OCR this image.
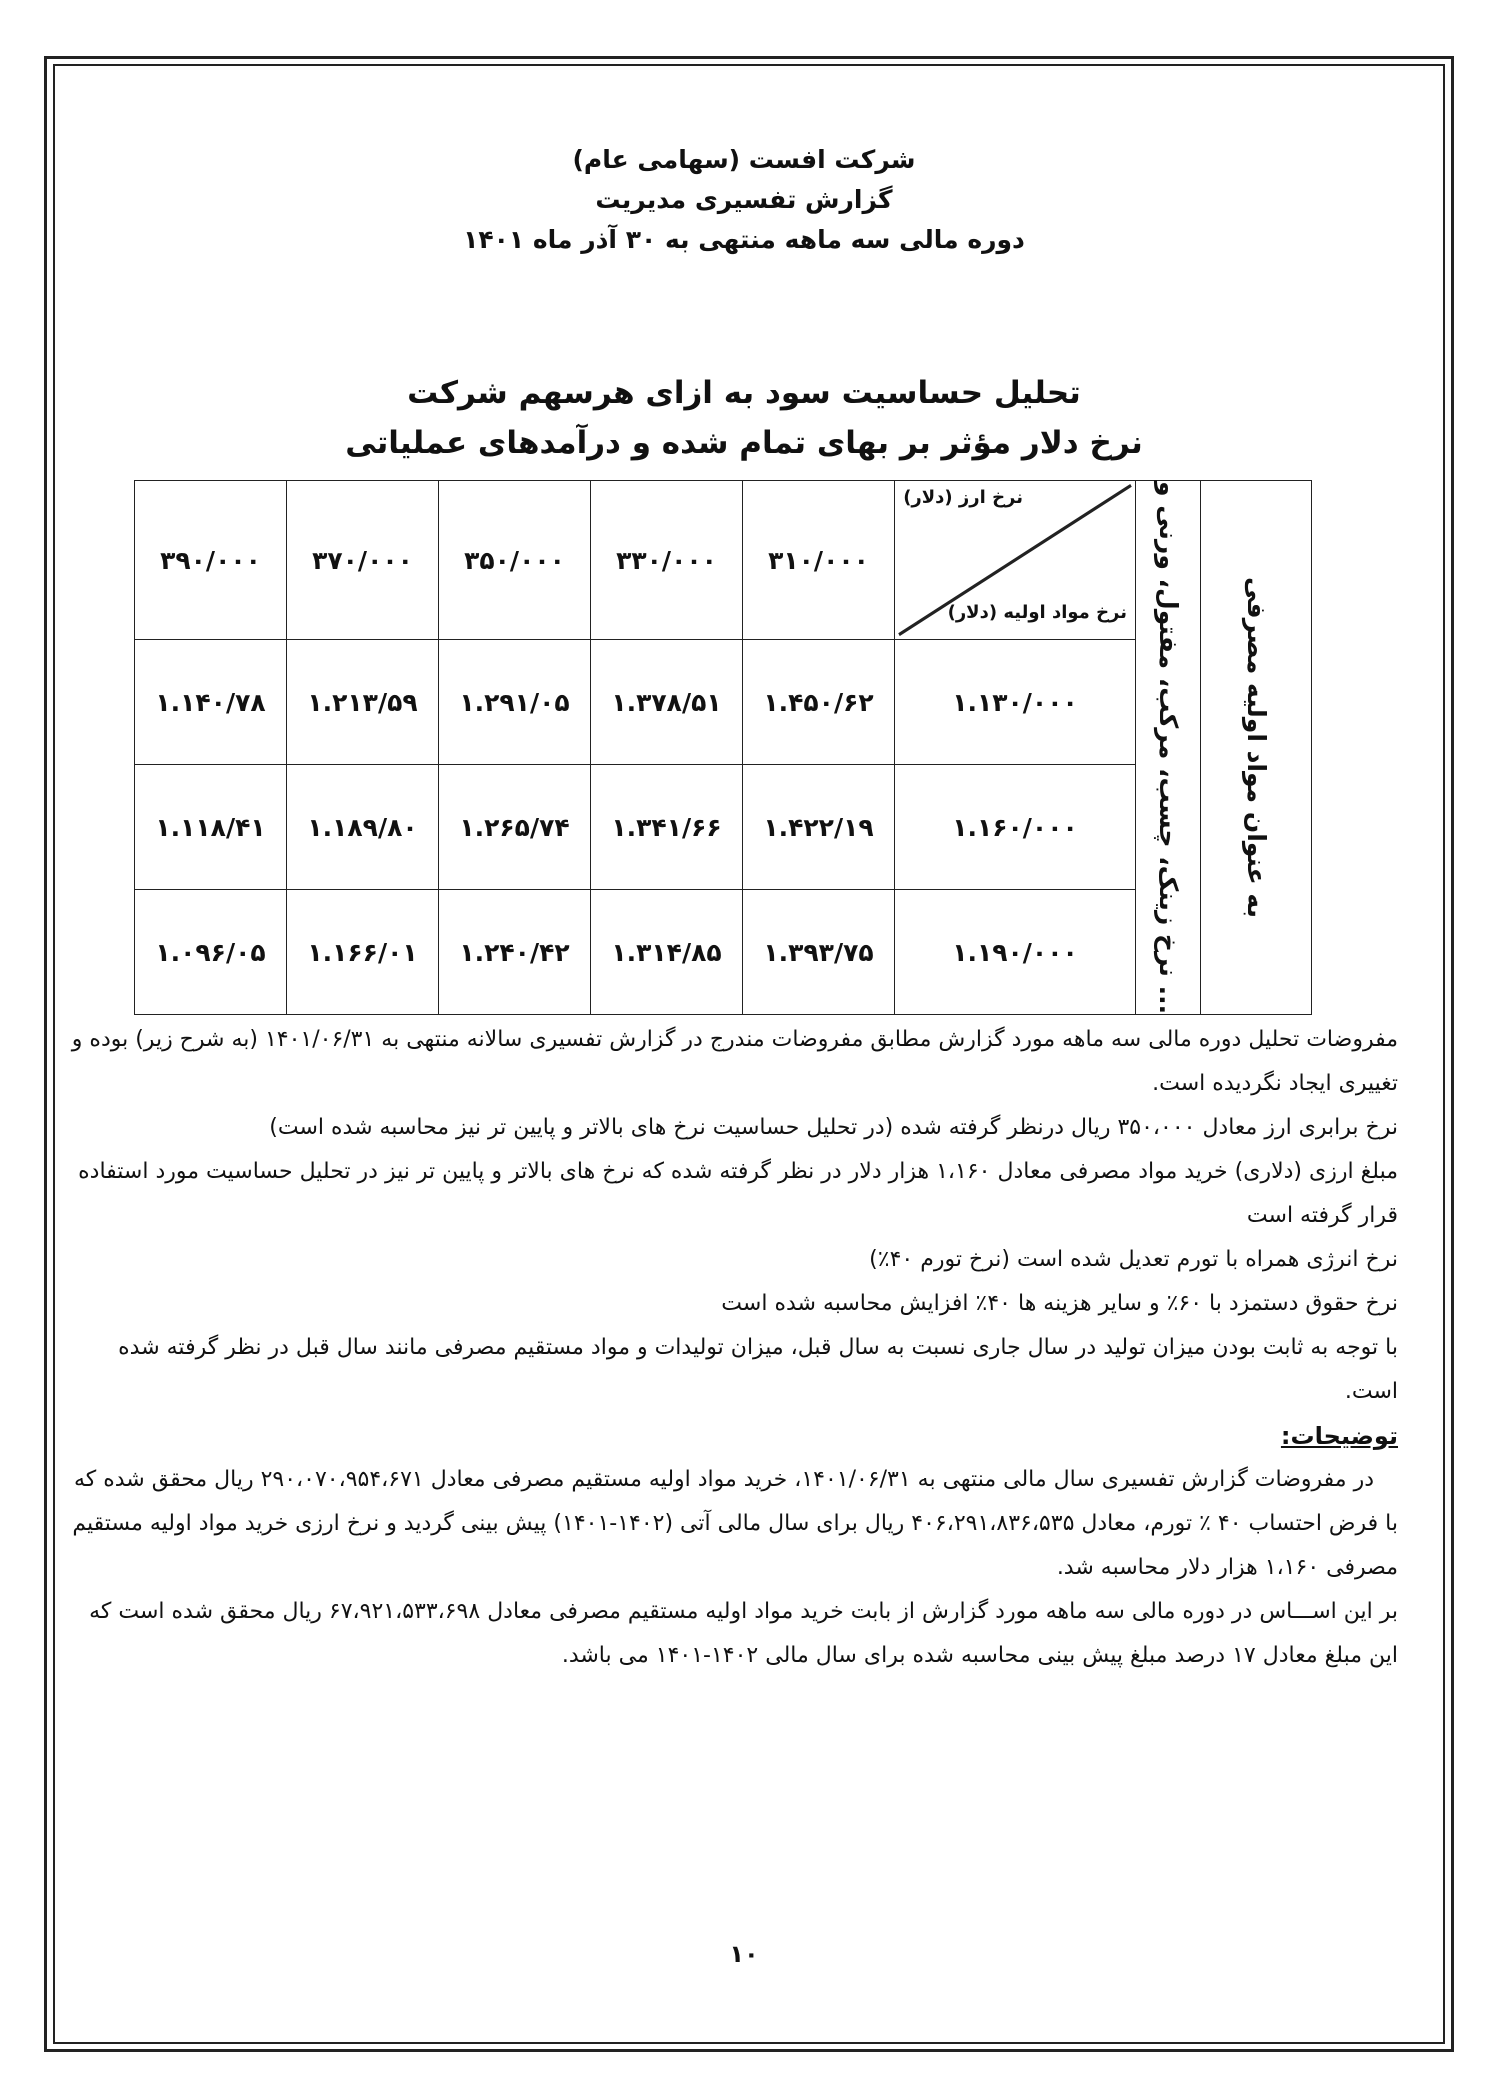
شرکت افست (سهامی عام)
گزارش تفسیری مدیریت
دوره مالی سه ماهه منتهی به ۳۰ آذر ماه ۱۴۰۱
تحلیل حساسیت سود به ازای هرسهم شرکت
نرخ دلار مؤثر بر بهای تمام شده و درآمدهای عملیاتی
به عنوان مواد اولیه مصرفی	نرخ زینک، چسب، مرکب، مفتول، ورنی و ...	نرخ ارز (دلار)
نرخ مواد اولیه (دلار)	۳۱۰/۰۰۰	۳۳۰/۰۰۰	۳۵۰/۰۰۰	۳۷۰/۰۰۰	۳۹۰/۰۰۰
		۱.۱۳۰/۰۰۰	۱.۴۵۰/۶۲	۱.۳۷۸/۵۱	۱.۲۹۱/۰۵	۱.۲۱۳/۵۹	۱.۱۴۰/۷۸
		۱.۱۶۰/۰۰۰	۱.۴۲۲/۱۹	۱.۳۴۱/۶۶	۱.۲۶۵/۷۴	۱.۱۸۹/۸۰	۱.۱۱۸/۴۱
		۱.۱۹۰/۰۰۰	۱.۳۹۳/۷۵	۱.۳۱۴/۸۵	۱.۲۴۰/۴۲	۱.۱۶۶/۰۱	۱.۰۹۶/۰۵

مفروضات تحلیل دوره مالی سه ماهه مورد گزارش مطابق مفروضات مندرج در گزارش تفسیری سالانه منتهی به ۱۴۰۱/۰۶/۳۱ (به شرح زیر) بوده و تغییری ایجاد نگردیده است.

نرخ برابری ارز معادل ۳۵۰،۰۰۰ ریال درنظر گرفته شده (در تحلیل حساسیت نرخ های بالاتر و پایین تر نیز محاسبه شده است)

مبلغ ارزی (دلاری) خرید مواد مصرفی معادل ۱،۱۶۰ هزار دلار در نظر گرفته شده که نرخ های بالاتر و پایین تر نیز در تحلیل حساسیت مورد استفاده قرار گرفته است

نرخ انرژی همراه با تورم تعدیل شده است (نرخ تورم ۴۰٪)

نرخ حقوق دستمزد با ۶۰٪ و سایر هزینه ها ۴۰٪ افزایش محاسبه شده است

با توجه به ثابت بودن میزان تولید در سال جاری نسبت به سال قبل، میزان تولیدات و مواد مستقیم مصرفی مانند سال قبل در نظر گرفته شده است.

توضیحات:

در مفروضات گزارش تفسیری سال مالی منتهی به ۱۴۰۱/۰۶/۳۱، خرید مواد اولیه مستقیم مصرفی معادل ۲۹۰،۰۷۰،۹۵۴،۶۷۱ ریال محقق شده که با فرض احتساب ۴۰ ٪ تورم، معادل ۴۰۶،۲۹۱،۸۳۶،۵۳۵ ریال برای سال مالی آتی (۱۴۰۲-۱۴۰۱) پیش بینی گردید و نرخ ارزی خرید مواد اولیه مستقیم مصرفی ۱،۱۶۰ هزار دلار محاسبه شد.

بر این اســـاس در دوره مالی سه ماهه مورد گزارش از بابت خرید مواد اولیه مستقیم مصرفی معادل ۶۷،۹۲۱،۵۳۳،۶۹۸ ریال محقق شده است که این مبلغ معادل ۱۷ درصد مبلغ پیش بینی محاسبه شده برای سال مالی ۱۴۰۲-۱۴۰۱ می باشد.

۱۰
